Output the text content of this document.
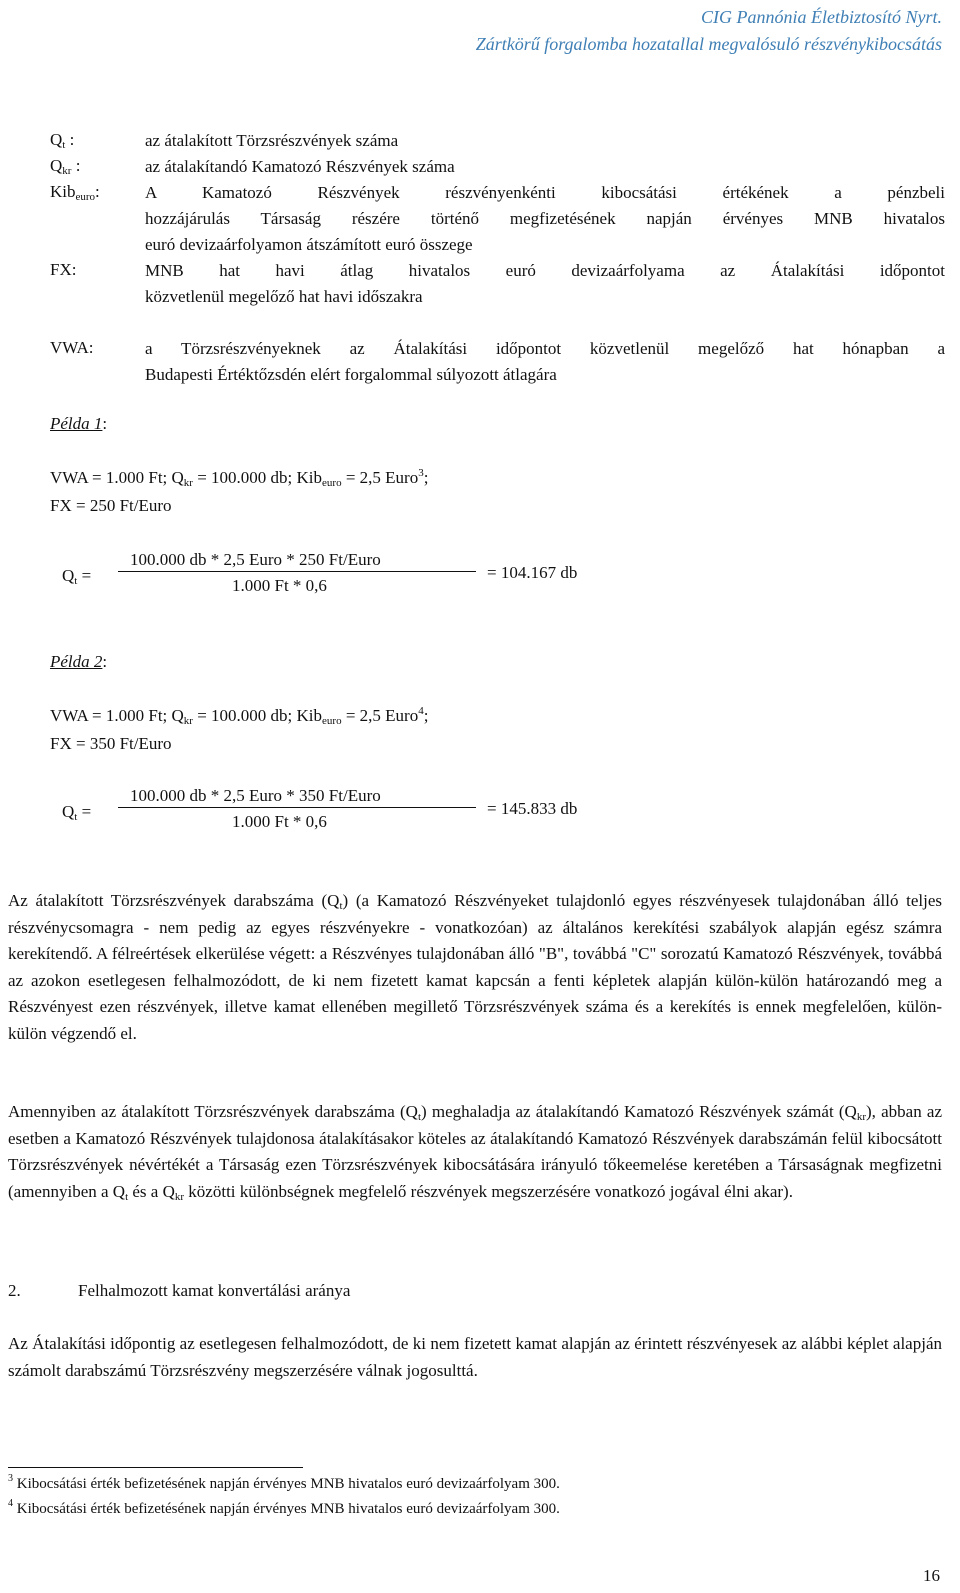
CIG Pannónia Életbiztosító Nyrt.
Zártkörű forgalomba hozatallal megvalósuló részvénykibocsátás
$Q_t$ :	az átalakított Törzsrészvények száma
$Q_{kr}$ :	az átalakítandó Kamatozó Részvények száma
Kib$_{euro}$:	A Kamatozó Részvények részvényenkénti kibocsátási értékének a pénzbeli
hozzájárulás Társaság részére történő megfizetésének napján érvényes MNB hivatalos
euró devizaárfolyamon átszámított euró összege
FX:	MNB hat havi átlag hivatalos euró devizaárfolyama az Átalakítási időpontot
közvetlenül megelőző hat havi időszakra
VWA:	a Törzsrészvényeknek az Átalakítási időpontot közvetlenül megelőző hat hónapban a
Budapesti Értéktőzsdén elért forgalommal súlyozott átlagára
Példa 1:
VWA = 1.000 Ft; $Q_{kr} = 100.000$ db; Kib$_{euro}$ = 2,5 Euro$^3$;
FX = 250 Ft/Euro
$Q_t$ =
100.000 db * 2,5 Euro * 250 Ft/Euro
1.000 Ft * 0,6
= 104.167 db
Példa 2:
VWA = 1.000 Ft; $Q_{kr} = 100.000$ db; Kib$_{euro}$ = 2,5 Euro$^4$;
FX = 350 Ft/Euro
$Q_t$ =
100.000 db * 2,5 Euro * 350 Ft/Euro
1.000 Ft * 0,6
= 145.833 db
Az átalakított Törzsrészvények darabszáma $(Q_t)$ (a Kamatozó Részvényeket tulajdonló egyes részvényesek tulajdonában álló teljes részvénycsomagra - nem pedig az egyes részvényekre - vonatkozóan) az általános kerekítési szabályok alapján egész számra kerekítendő. A félreértések elkerülése végett: a Részvényes tulajdonában álló "B", továbbá "C" sorozatú Kamatozó Részvények, továbbá az azokon esetlegesen felhalmozódott, de ki nem fizetett kamat kapcsán a fenti képletek alapján külön-külön határozandó meg a Részvényest ezen részvények, illetve kamat ellenében megillető Törzsrészvények száma és a kerekítés is ennek megfelelően, külön-külön végzendő el.
Amennyiben az átalakított Törzsrészvények darabszáma $(Q_t)$ meghaladja az átalakítandó Kamatozó Részvények számát $(Q_{kr})$, abban az esetben a Kamatozó Részvények tulajdonosa átalakításakor köteles az átalakítandó Kamatozó Részvények darabszámán felül kibocsátott Törzsrészvények névértékét a Társaság ezen Törzsrészvények kibocsátására irányuló tőkeemelése keretében a Társaságnak megfizetni (amennyiben a $Q_t$ és a $Q_{kr}$ közötti különbségnek megfelelő részvények megszerzésére vonatkozó jogával élni akar).
2.	Felhalmozott kamat konvertálási aránya
Az Átalakítási időpontig az esetlegesen felhalmozódott, de ki nem fizetett kamat alapján az érintett részvényesek az alábbi képlet alapján számolt darabszámú Törzsrészvény megszerzésére válnak jogosulttá.
$^3$ Kibocsátási érték befizetésének napján érvényes MNB hivatalos euró devizaárfolyam 300.
$^4$ Kibocsátási érték befizetésének napján érvényes MNB hivatalos euró devizaárfolyam 300.
16
